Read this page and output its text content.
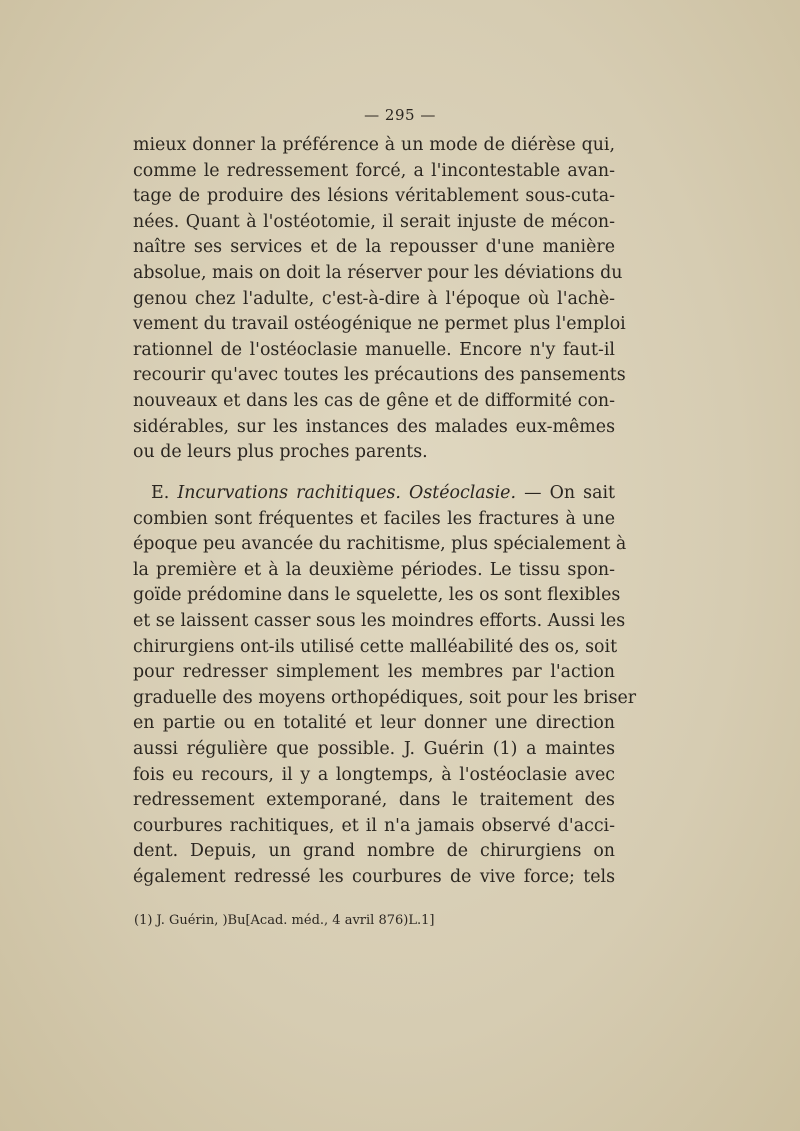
— 295 —
mieux donner la préférence à un mode de diérèse qui,
comme le redressement forcé, a l'incontestable avan-
tage de produire des lésions véritablement sous-cuta-
nées. Quant à l'ostéotomie, il serait injuste de mécon-
naître ses services et de la repousser d'une manière
absolue, mais on doit la réserver pour les déviations du
genou chez l'adulte, c'est-à-dire à l'époque où l'achè-
vement du travail ostéogénique ne permet plus l'emploi
rationnel de l'ostéoclasie manuelle. Encore n'y faut-il
recourir qu'avec toutes les précautions des pansements
nouveaux et dans les cas de gêne et de difformité con-
sidérables, sur les instances des malades eux-mêmes
ou de leurs plus proches parents.
E. Incurvations rachitiques. Ostéoclasie. — On sait
combien sont fréquentes et faciles les fractures à une
époque peu avancée du rachitisme, plus spécialement à
la première et à la deuxième périodes. Le tissu spon-
goïde prédomine dans le squelette, les os sont flexibles
et se laissent casser sous les moindres efforts. Aussi les
chirurgiens ont-ils utilisé cette malléabilité des os, soit
pour redresser simplement les membres par l'action
graduelle des moyens orthopédiques, soit pour les briser
en partie ou en totalité et leur donner une direction
aussi régulière que possible. J. Guérin (1) a maintes
fois eu recours, il y a longtemps, à l'ostéoclasie avec
redressement extemporané, dans le traitement des
courbures rachitiques, et il n'a jamais observé d'acci-
dent. Depuis, un grand nombre de chirurgiens on
également redressé les courbures de vive force; tels
(1) J. Guérin, )Bu[Acad. méd., 4 avril 876)L.1]
